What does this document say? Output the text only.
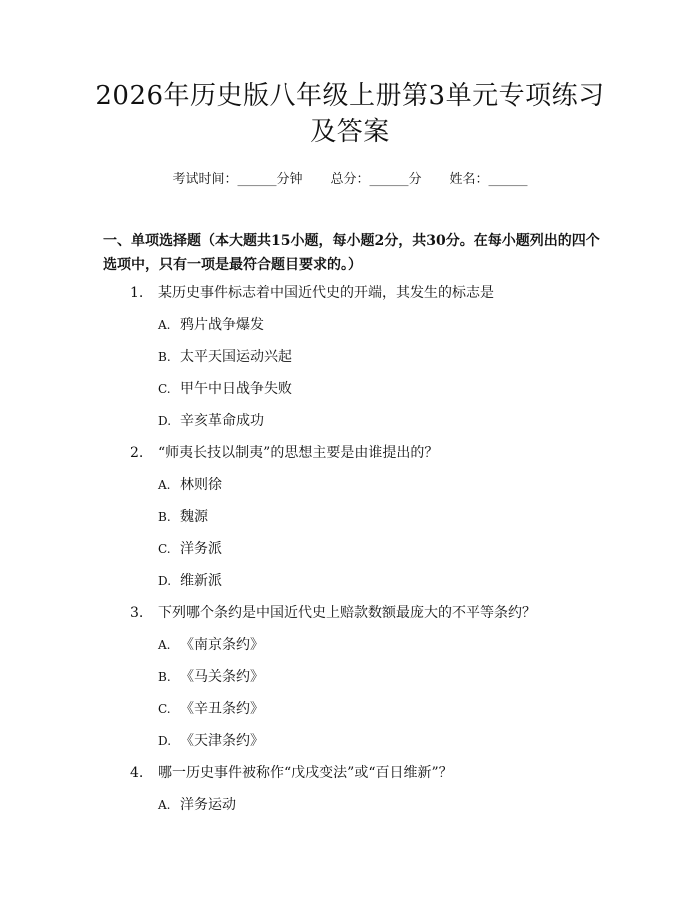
2026年历史版八年级上册第3单元专项练习
及答案
考试时间：______分钟 总分：______分 姓名：______
一、单项选择题（本大题共15小题，每小题2分，共30分。在每小题列出的四个选项中，只有一项是最符合题目要求的。）
1. 某历史事件标志着中国近代史的开端，其发生的标志是
A. 鸦片战争爆发
B. 太平天国运动兴起
C. 甲午中日战争失败
D. 辛亥革命成功
2. “师夷长技以制夷”的思想主要是由谁提出的？
A. 林则徐
B. 魏源
C. 洋务派
D. 维新派
3. 下列哪个条约是中国近代史上赔款数额最庞大的不平等条约？
A. 《南京条约》
B. 《马关条约》
C. 《辛丑条约》
D. 《天津条约》
4. 哪一历史事件被称作“戊戌变法”或“百日维新”？
A. 洋务运动
